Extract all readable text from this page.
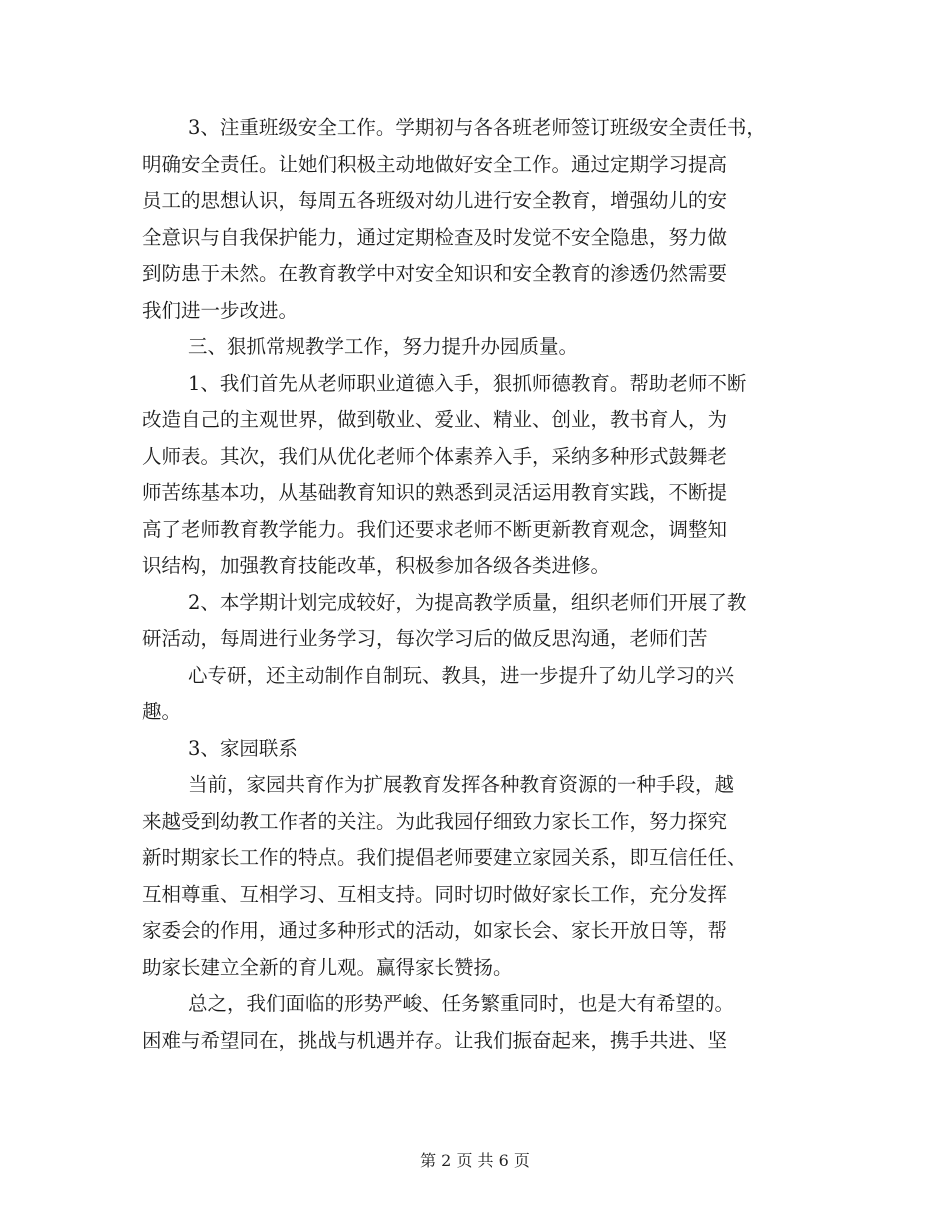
3、注重班级安全工作。学期初与各各班老师签订班级安全责任书，
明确安全责任。让她们积极主动地做好安全工作。通过定期学习提高
员工的思想认识，每周五各班级对幼儿进行安全教育，增强幼儿的安
全意识与自我保护能力，通过定期检查及时发觉不安全隐患，努力做
到防患于未然。在教育教学中对安全知识和安全教育的渗透仍然需要
我们进一步改进。
三、狠抓常规教学工作，努力提升办园质量。
1、我们首先从老师职业道德入手，狠抓师德教育。帮助老师不断
改造自己的主观世界，做到敬业、爱业、精业、创业，教书育人，为
人师表。其次，我们从优化老师个体素养入手，采纳多种形式鼓舞老
师苦练基本功，从基础教育知识的熟悉到灵活运用教育实践，不断提
高了老师教育教学能力。我们还要求老师不断更新教育观念，调整知
识结构，加强教育技能改革，积极参加各级各类进修。
2、本学期计划完成较好，为提高教学质量，组织老师们开展了教
研活动，每周进行业务学习，每次学习后的做反思沟通，老师们苦
心专研，还主动制作自制玩、教具，进一步提升了幼儿学习的兴
趣。
3、家园联系
当前，家园共育作为扩展教育发挥各种教育资源的一种手段，越
来越受到幼教工作者的关注。为此我园仔细致力家长工作，努力探究
新时期家长工作的特点。我们提倡老师要建立家园关系，即互信任任、
互相尊重、互相学习、互相支持。同时切时做好家长工作，充分发挥
家委会的作用，通过多种形式的活动，如家长会、家长开放日等，帮
助家长建立全新的育儿观。赢得家长赞扬。
总之，我们面临的形势严峻、任务繁重同时，也是大有希望的。
困难与希望同在，挑战与机遇并存。让我们振奋起来，携手共进、坚
第 2 页 共 6 页
